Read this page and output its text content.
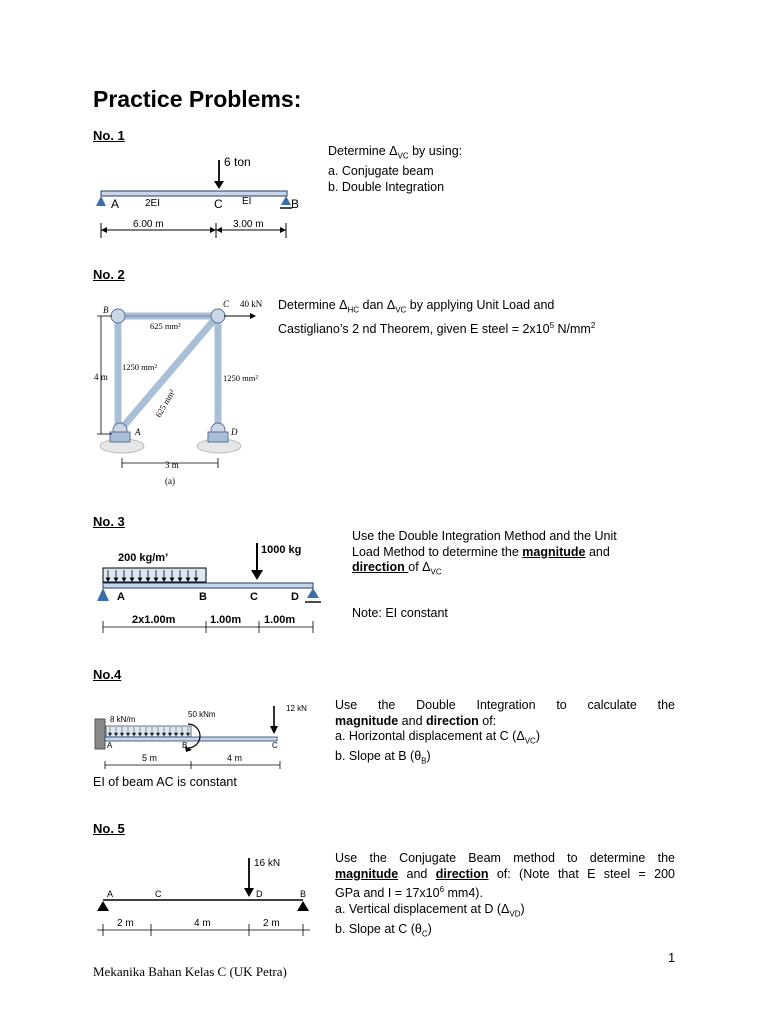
Practice Problems:
No. 1
Determine $\Delta_{VC}$ by using:
a. Conjugate beam
b. Double Integration
6 ton
A	2EI	C EI	B
6.00 m	3.00 m
No. 2
Determine $\Delta_{HC}$ dan $\Delta_{VC}$ by applying Unit Load and
Castigliano’s 2 nd Theorem, given E steel = $2x10^5$ $N/mm^2$
B
C 40 kN
625 mm²
1250 mm²
1250 mm²
625 mm²
4 m
A	D
3 m
(a)
No. 3
Use the Double Integration Method and the Unit
Load Method to determine the magnitude and
direction of $\Delta_{VC}$
Note: EI constant
200 kg/m’
1000 kg
A	B	C	D
2x1.00m	1.00m 1.00m
No.4
Use the Double Integration to calculate the
magnitude and direction of:
a. Horizontal displacement at C $(\Delta_{VC})$
b. Slope at B $(\theta_B)$
EI of beam AC is constant
8 kN/m
50 kNm
12 kN
A	B	C
5 m	4 m
No. 5
Use the Conjugate Beam method to determine the
magnitude and direction of: (Note that E steel = 200
GPa and $I = 17x10^6$ mm4).
a. Vertical displacement at D $(\Delta_{VD})$
b. Slope at C $(\theta_C)$
16 kN
A	C	D	B
2 m	4 m	2 m
1
Mekanika Bahan Kelas C (UK Petra)
